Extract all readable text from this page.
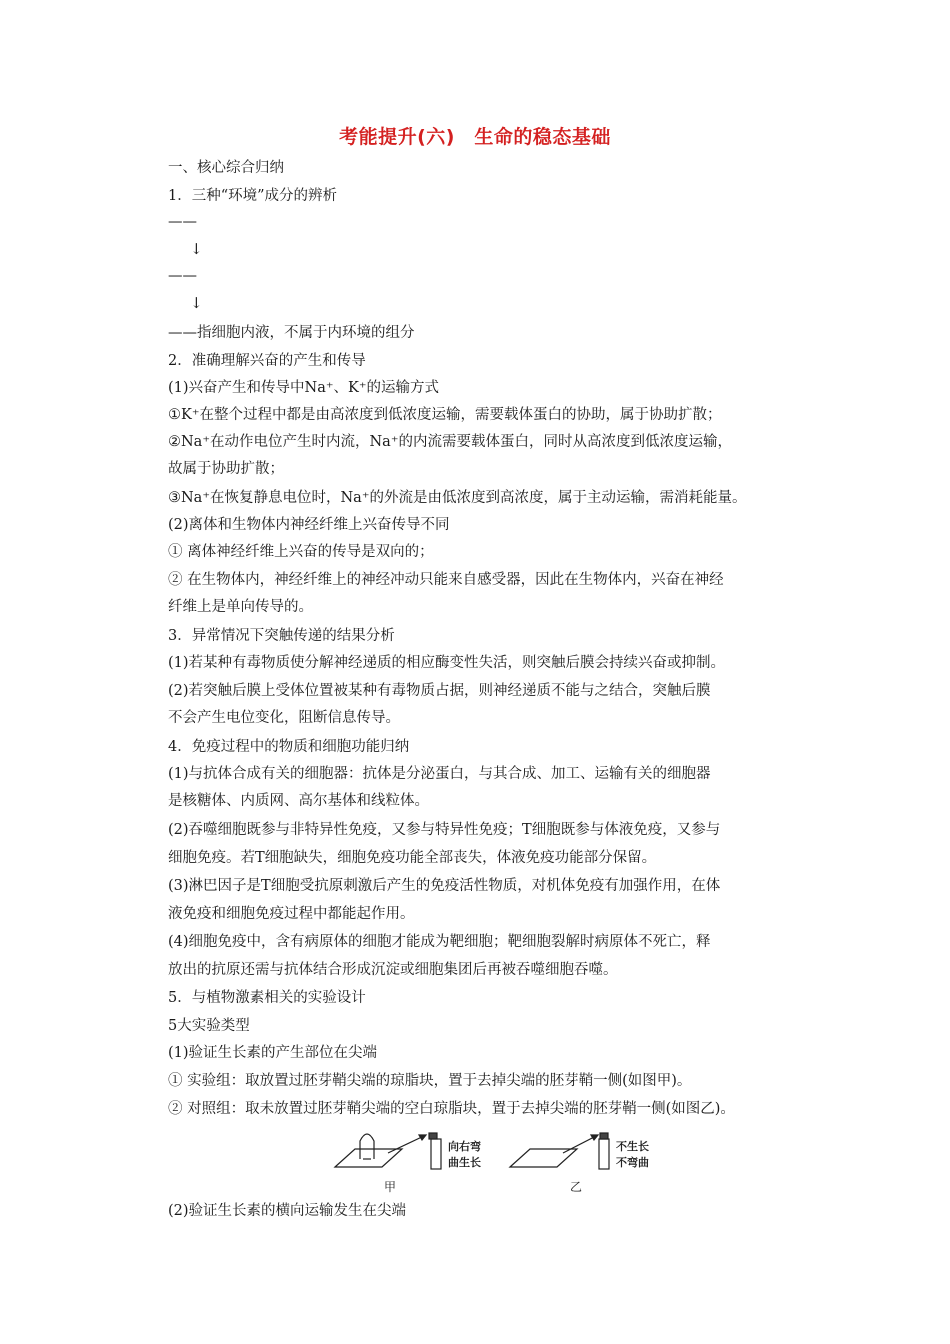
考能提升(六)　生命的稳态基础
一、核心综合归纳
1．三种“环境”成分的辨析
——
↓
——
↓
——指细胞内液，不属于内环境的组分
2．准确理解兴奋的产生和传导
(1)兴奋产生和传导中Na⁺、K⁺的运输方式
①K⁺在整个过程中都是由高浓度到低浓度运输，需要载体蛋白的协助，属于协助扩散；
②Na⁺在动作电位产生时内流，Na⁺的内流需要载体蛋白，同时从高浓度到低浓度运输，
故属于协助扩散；
③Na⁺在恢复静息电位时，Na⁺的外流是由低浓度到高浓度，属于主动运输，需消耗能量。
(2)离体和生物体内神经纤维上兴奋传导不同
① 离体神经纤维上兴奋的传导是双向的；
② 在生物体内，神经纤维上的神经冲动只能来自感受器，因此在生物体内，兴奋在神经
纤维上是单向传导的。
3．异常情况下突触传递的结果分析
(1)若某种有毒物质使分解神经递质的相应酶变性失活，则突触后膜会持续兴奋或抑制。
(2)若突触后膜上受体位置被某种有毒物质占据，则神经递质不能与之结合，突触后膜
不会产生电位变化，阻断信息传导。
4．免疫过程中的物质和细胞功能归纳
(1)与抗体合成有关的细胞器：抗体是分泌蛋白，与其合成、加工、运输有关的细胞器
是核糖体、内质网、高尔基体和线粒体。
(2)吞噬细胞既参与非特异性免疫，又参与特异性免疫；T细胞既参与体液免疫，又参与
细胞免疫。若T细胞缺失，细胞免疫功能全部丧失，体液免疫功能部分保留。
(3)淋巴因子是T细胞受抗原刺激后产生的免疫活性物质，对机体免疫有加强作用，在体
液免疫和细胞免疫过程中都能起作用。
(4)细胞免疫中，含有病原体的细胞才能成为靶细胞；靶细胞裂解时病原体不死亡，释
放出的抗原还需与抗体结合形成沉淀或细胞集团后再被吞噬细胞吞噬。
5．与植物激素相关的实验设计
5大实验类型
(1)验证生长素的产生部位在尖端
① 实验组：取放置过胚芽鞘尖端的琼脂块，置于去掉尖端的胚芽鞘一侧(如图甲)。
② 对照组：取未放置过胚芽鞘尖端的空白琼脂块，置于去掉尖端的胚芽鞘一侧(如图乙)。
向右弯
曲生长
不生长
不弯曲
甲	乙
(2)验证生长素的横向运输发生在尖端
